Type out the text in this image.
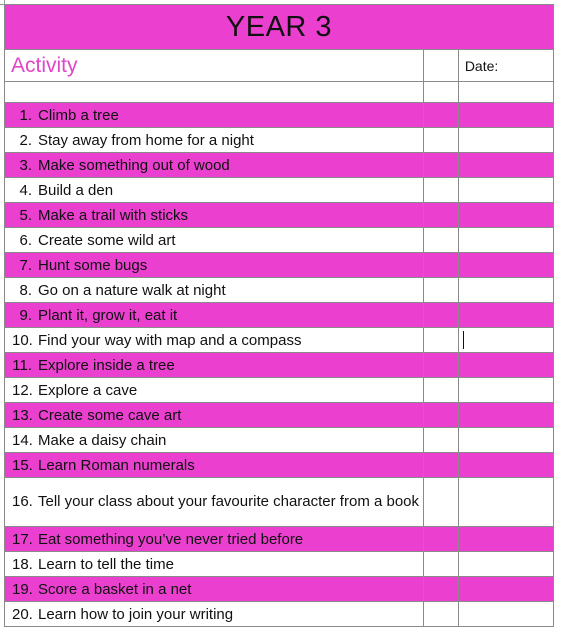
YEAR 3		
Activity		Date:

1. Climb a tree		
2. Stay away from home for a night		
3. Make something out of wood		
4. Build a den		
5. Make a trail with sticks		
6. Create some wild art		
7. Hunt some bugs		
8. Go on a nature walk at night		
9. Plant it, grow it, eat it		
10. Find your way with map and a compass		
11. Explore inside a tree		
12. Explore a cave		
13. Create some cave art		
14. Make a daisy chain		
15. Learn Roman numerals		
16. Tell your class about your favourite character from a book		
17. Eat something you’ve never tried before		
18. Learn to tell the time		
19. Score a basket in a net		
20. Learn how to join your writing		
